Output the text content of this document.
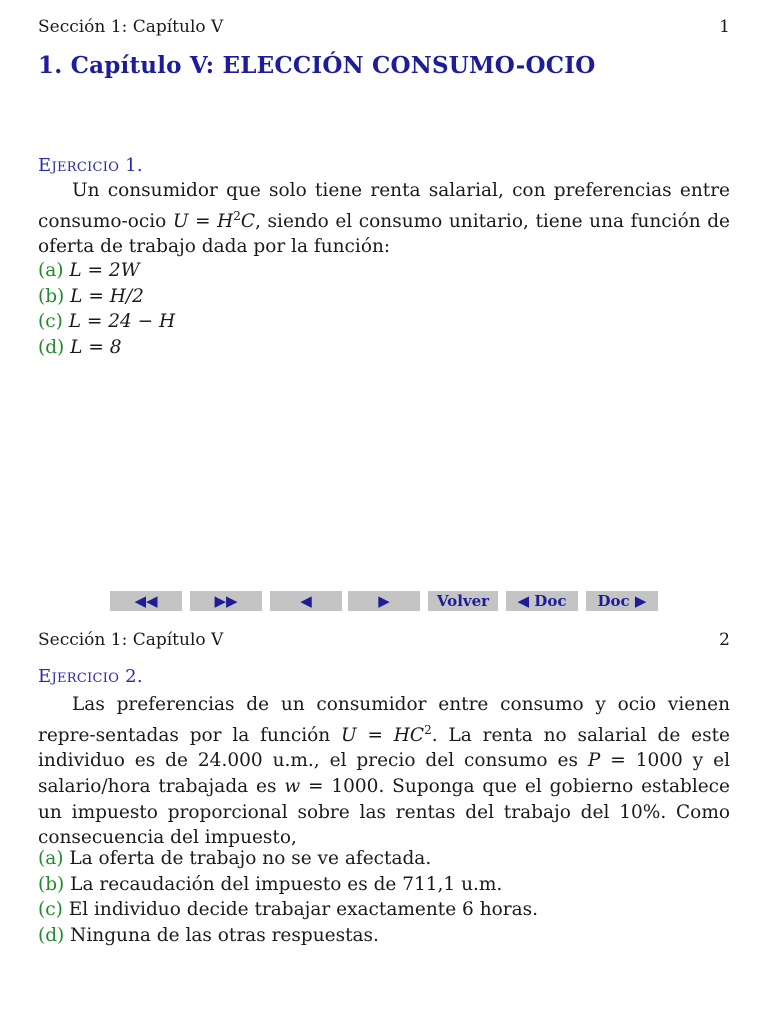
Sección 1: Capítulo V	1
1. Capítulo V: ELECCIÓN CONSUMO-OCIO
Ejercicio 1.

Un consumidor que solo tiene renta salarial, con preferencias entre consumo-ocio $U = H^2C$, siendo el consumo unitario, tiene una función de oferta de trabajo dada por la función:

(a) L = 2W
(b) L = H/2
(c) L = 24 − H
(d) L = 8
◀◀	▶▶	◀	▶	Volver	◀ Doc	Doc ▶
Sección 1: Capítulo V	2
Ejercicio 2.

Las preferencias de un consumidor entre consumo y ocio vienen repre-sentadas por la función $U = HC^2$. La renta no salarial de este individuo es de 24.000 u.m., el precio del consumo es P = 1000 y el salario/hora trabajada es w = 1000. Suponga que el gobierno establece un impuesto proporcional sobre las rentas del trabajo del 10%. Como consecuencia del impuesto,

(a) La oferta de trabajo no se ve afectada.
(b) La recaudación del impuesto es de 711,1 u.m.
(c) El individuo decide trabajar exactamente 6 horas.
(d) Ninguna de las otras respuestas.
